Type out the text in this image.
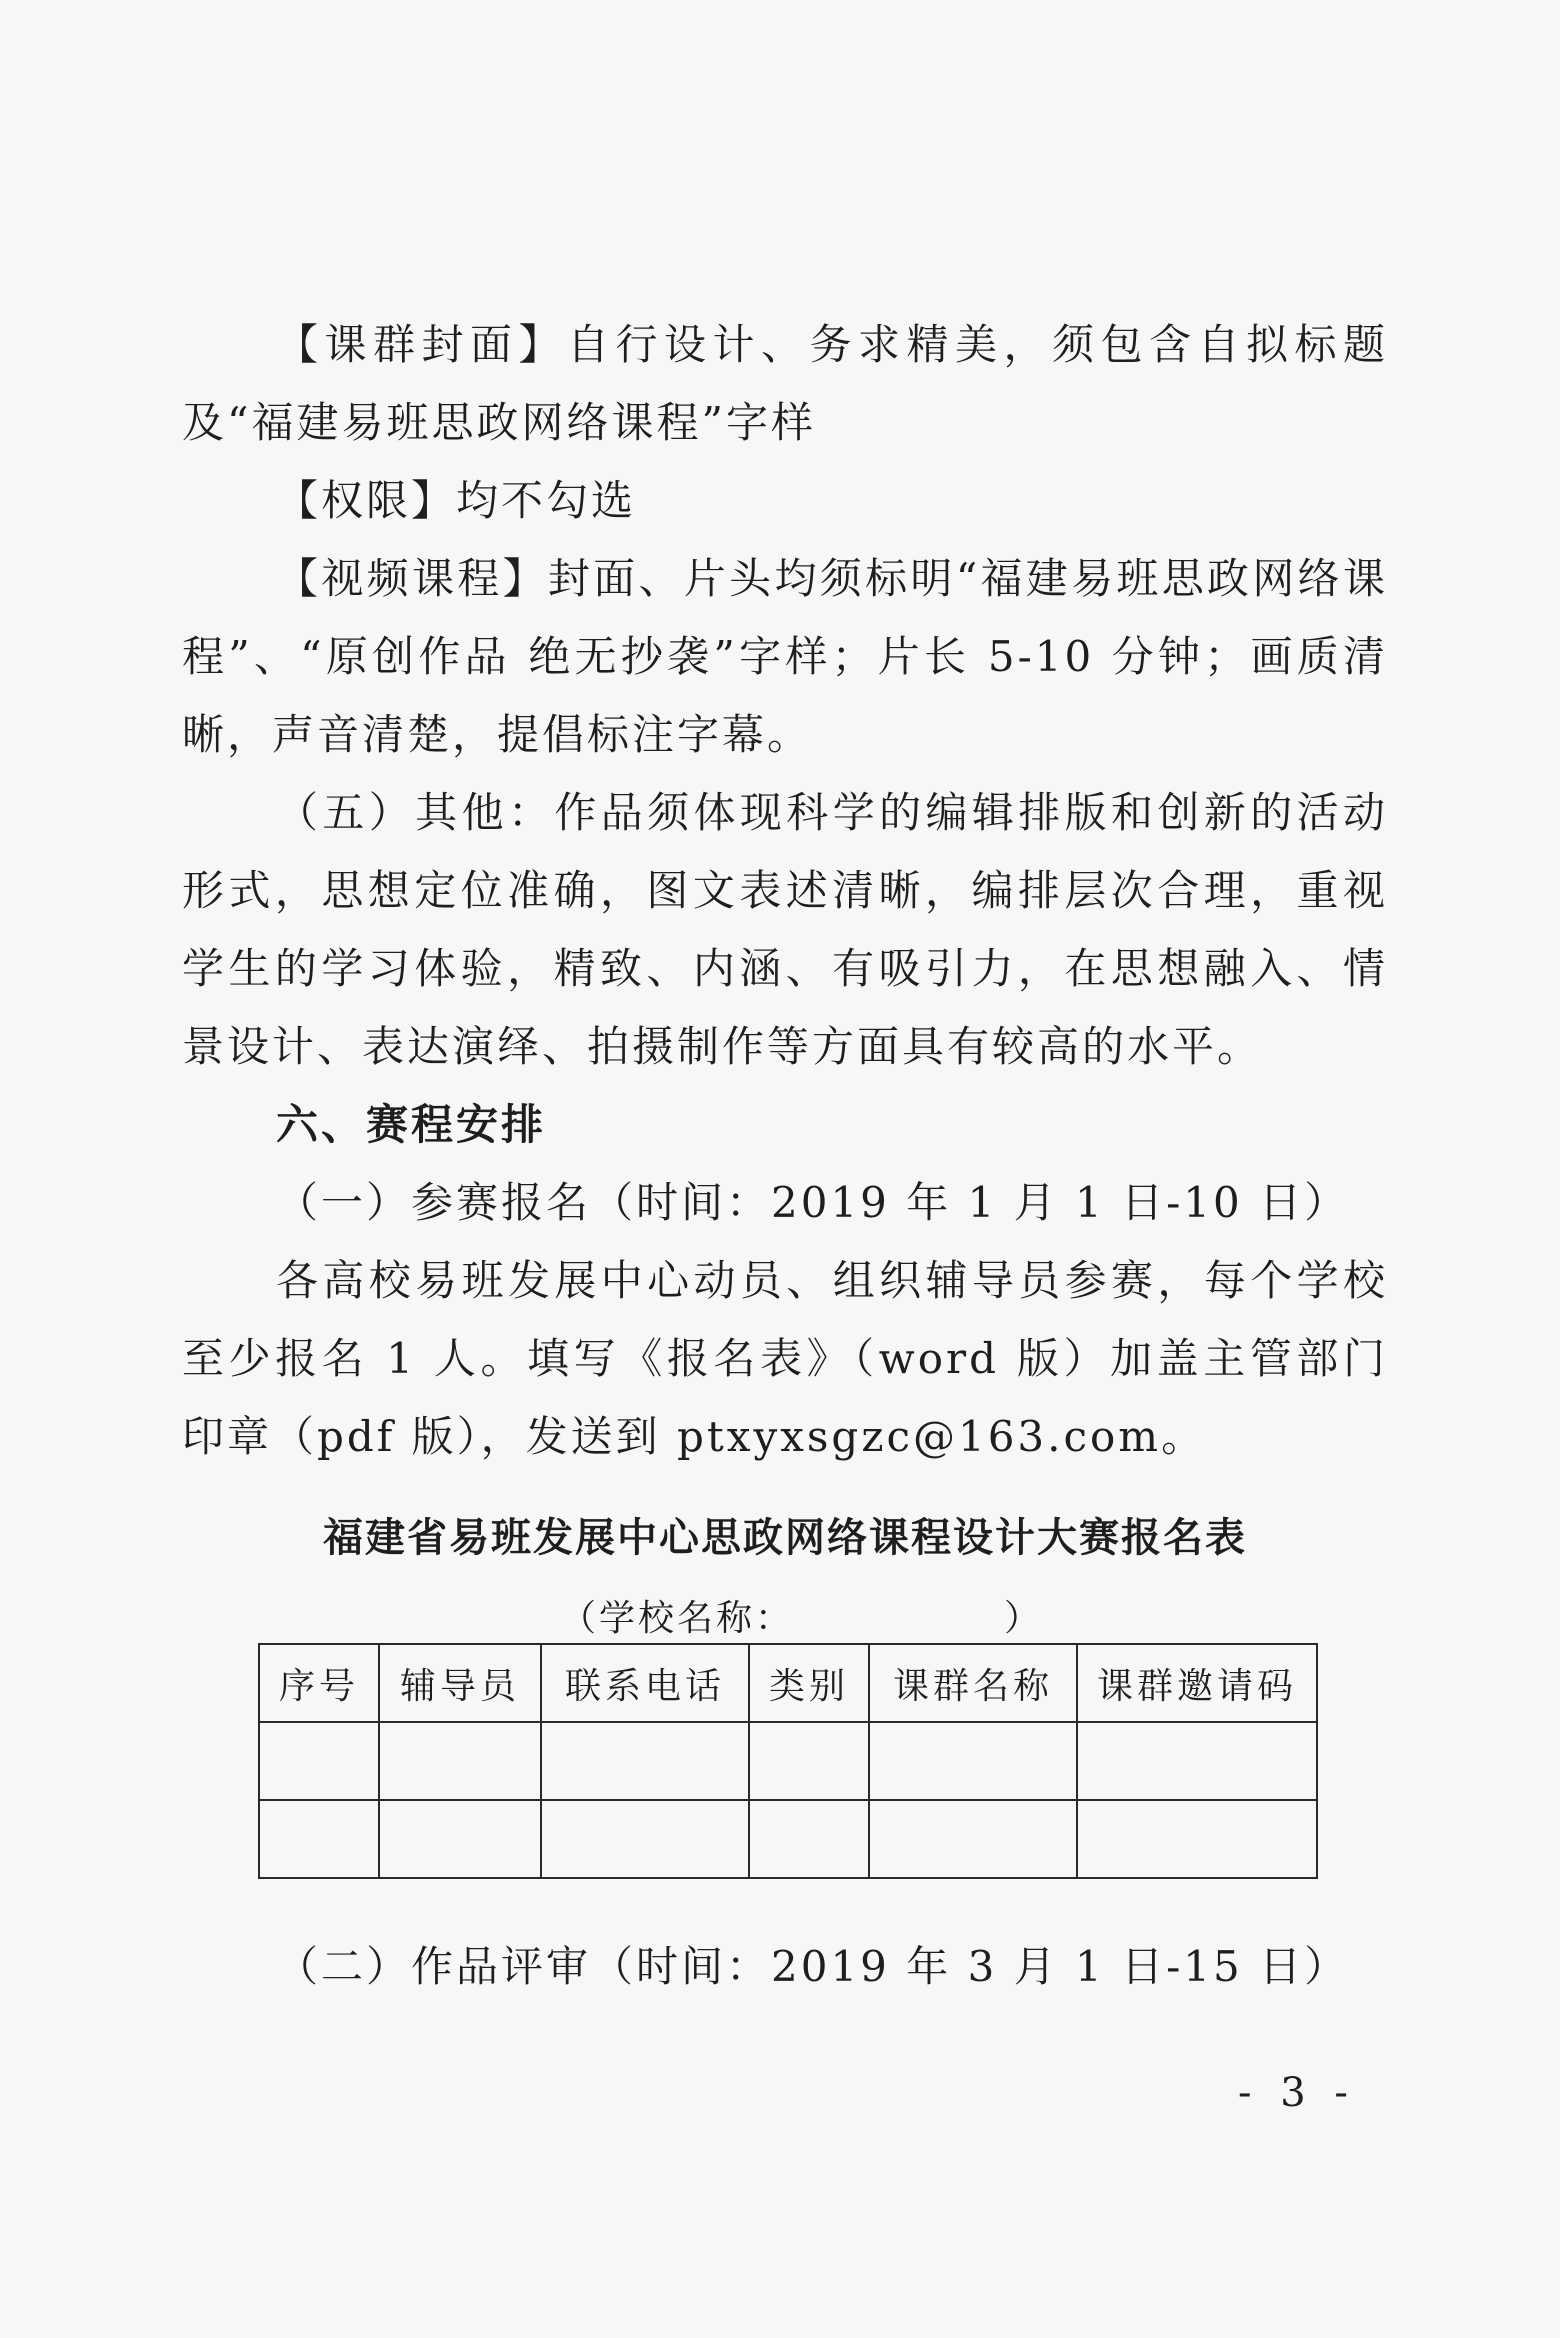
【课群封面】自行设计、务求精美，须包含自拟标题及“福建易班思政网络课程”字样

【权限】均不勾选

【视频课程】封面、片头均须标明“福建易班思政网络课程”、“原创作品 绝无抄袭”字样；片长 5-10 分钟；画质清晰，声音清楚，提倡标注字幕。

（五）其他：作品须体现科学的编辑排版和创新的活动形式，思想定位准确，图文表述清晰，编排层次合理，重视学生的学习体验，精致、内涵、有吸引力，在思想融入、情景设计、表达演绎、拍摄制作等方面具有较高的水平。

六、赛程安排

（一）参赛报名（时间：2019 年 1 月 1 日-10 日）

各高校易班发展中心动员、组织辅导员参赛，每个学校至少报名 1 人。填写《报名表》（word 版）加盖主管部门印章（pdf 版），发送到 ptxyxsgzc@163.com。

福建省易班发展中心思政网络课程设计大赛报名表
（学校名称：	）
序号	辅导员	联系电话	类别	课群名称	课群邀请码

（二）作品评审（时间：2019 年 3 月 1 日-15 日）

- 3 -
